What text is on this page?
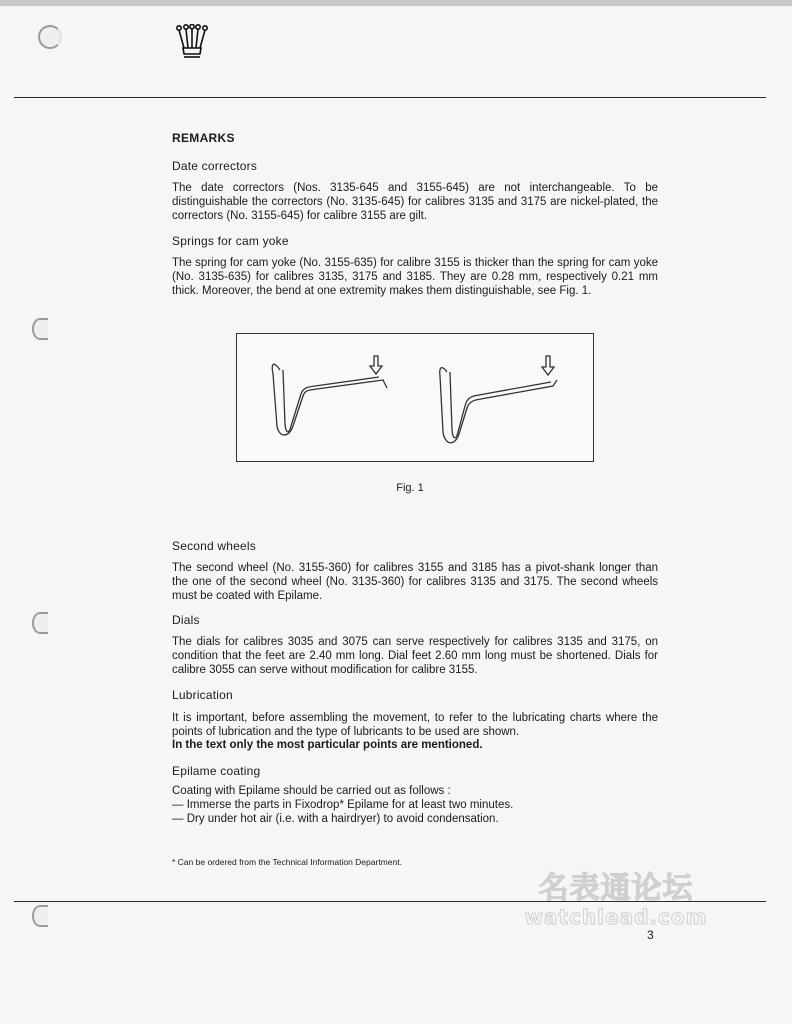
REMARKS
Date correctors

The date correctors (Nos. 3135-645 and 3155-645) are not interchangeable. To be distinguishable the correctors (No. 3135-645) for calibres 3135 and 3175 are nickel-plated, the correctors (No. 3155-645) for calibre 3155 are gilt.

Springs for cam yoke

The spring for cam yoke (No. 3155-635) for calibre 3155 is thicker than the spring for cam yoke (No. 3135-635) for calibres 3135, 3175 and 3185. They are 0.28 mm, respectively 0.21 mm thick. Moreover, the bend at one extremity makes them distinguishable, see Fig. 1.

Fig. 1
Second wheels

The second wheel (No. 3155-360) for calibres 3155 and 3185 has a pivot-shank longer than the one of the second wheel (No. 3135-360) for calibres 3135 and 3175. The second wheels must be coated with Epilame.

Dials

The dials for calibres 3035 and 3075 can serve respectively for calibres 3135 and 3175, on condition that the feet are 2.40 mm long. Dial feet 2.60 mm long must be shortened. Dials for calibre 3055 can serve without modification for calibre 3155.

Lubrication

It is important, before assembling the movement, to refer to the lubricating charts where the points of lubrication and the type of lubricants to be used are shown.

In the text only the most particular points are mentioned.

Epilame coating

Coating with Epilame should be carried out as follows :

— Immerse the parts in Fixodrop* Epilame for at least two minutes.

— Dry under hot air (i.e. with a hairdryer) to avoid condensation.

* Can be ordered from the Technical Information Department.
名表通论坛
watchlead.com
3
